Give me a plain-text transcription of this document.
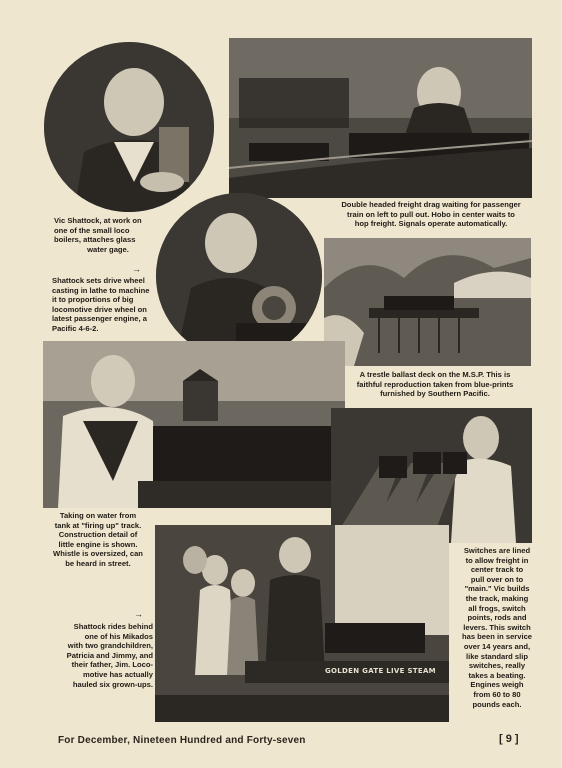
Vic Shattock, at work on
one of the small loco
boilers, attaches glass
water gage.
Double headed freight drag waiting for passenger
train on left to pull out. Hobo in center waits to
hop freight. Signals operate automatically.
→
Shattock sets drive wheel
casting in lathe to machine
it to proportions of big
locomotive drive wheel on
latest passenger engine, a
Pacific 4-6-2.
A trestle ballast deck on the M.S.P. This is
faithful reproduction taken from blue-prints
furnished by Southern Pacific.
Taking on water from
tank at "firing up" track.
Construction detail of
little engine is shown.
Whistle is oversized, can
be heard in street.
GOLDEN GATE LIVE STEAM
→
Shattock rides behind
one of his Mikados
with two grandchildren,
Patricia and Jimmy, and
their father, Jim. Loco-
motive has actually
hauled six grown-ups.
Switches are lined
to allow freight in
center track to
pull over on to
"main." Vic builds
the track, making
all frogs, switch
points, rods and
levers. This switch
has been in service
over 14 years and,
like standard slip
switches, really
takes a beating.
Engines weigh
from 60 to 80
pounds each.
For December, Nineteen Hundred and Forty-seven	[ 9 ]
